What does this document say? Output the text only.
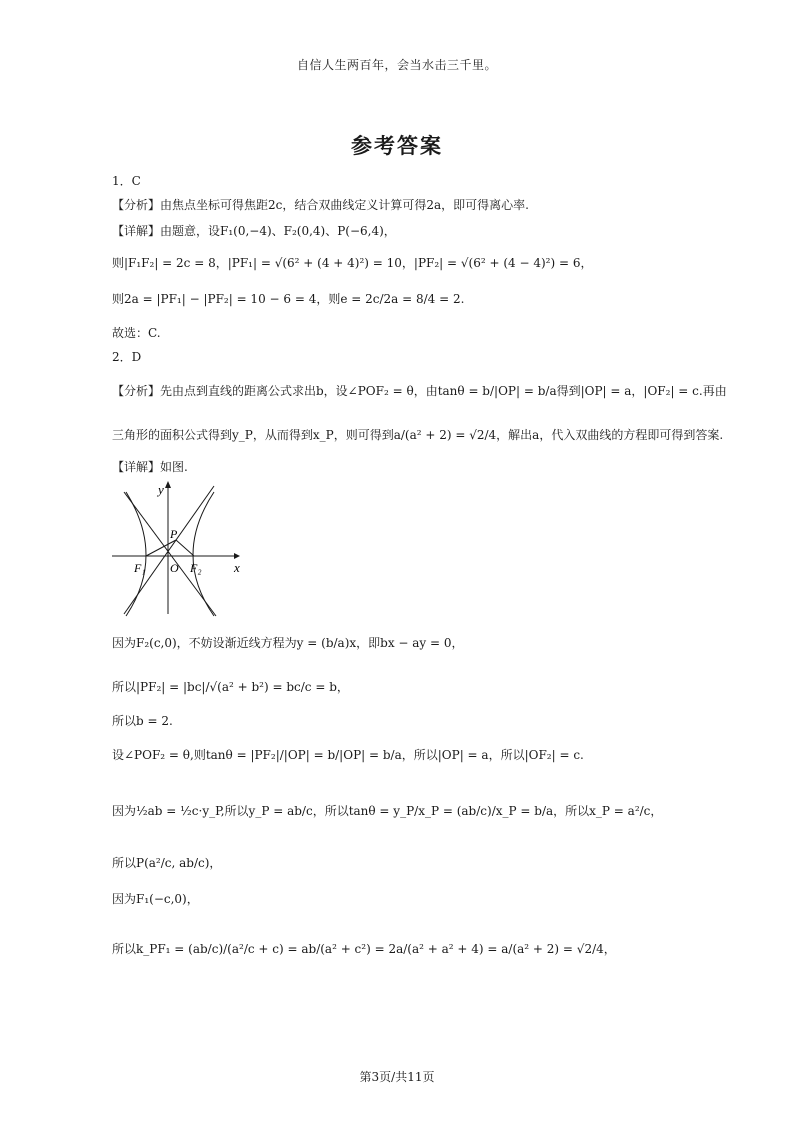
自信人生两百年，会当水击三千里。
参考答案
1．C
【分析】由焦点坐标可得焦距2c，结合双曲线定义计算可得2a，即可得离心率.
【详解】由题意，设F₁(0,−4)、F₂(0,4)、P(−6,4)，
则|F₁F₂| = 2c = 8，|PF₁| = √(6² + (4 + 4)²) = 10，|PF₂| = √(6² + (4 − 4)²) = 6，
则2a = |PF₁| − |PF₂| = 10 − 6 = 4，则e = 2c/2a = 8/4 = 2.
故选：C.
2．D
【分析】先由点到直线的距离公式求出b，设∠POF₂ = θ，由tanθ = b/|OP| = b/a得到|OP| = a，|OF₂| = c.再由
三角形的面积公式得到y_P，从而得到x_P，则可得到a/(a² + 2) = √2/4，解出a，代入双曲线的方程即可得到答案.
【详解】如图.
y
x
P
O
F₁	F₂
因为F₂(c,0)，不妨设渐近线方程为y = (b/a)x，即bx − ay = 0，
所以|PF₂| = |bc|/√(a² + b²) = bc/c = b，
所以b = 2.
设∠POF₂ = θ,则tanθ = |PF₂|/|OP| = b/|OP| = b/a，所以|OP| = a，所以|OF₂| = c.
因为½ab = ½c·y_P,所以y_P = ab/c，所以tanθ = y_P/x_P = (ab/c)/x_P = b/a，所以x_P = a²/c，
所以P(a²/c, ab/c)，
因为F₁(−c,0)，
所以k_PF₁ = (ab/c)/(a²/c + c) = ab/(a² + c²) = 2a/(a² + a² + 4) = a/(a² + 2) = √2/4，
第3页/共11页
